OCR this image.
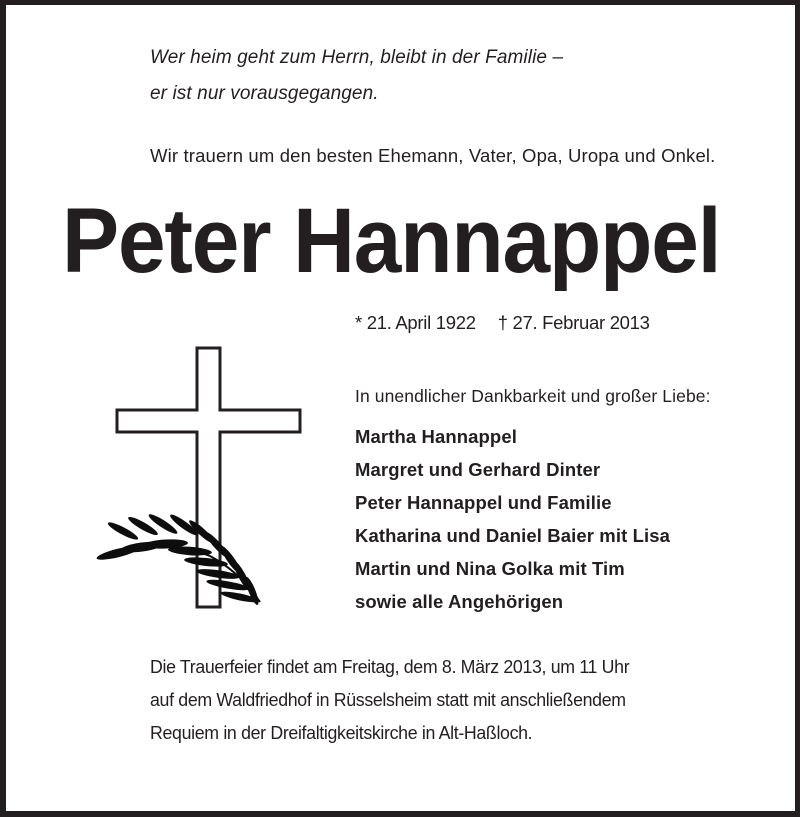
Wer heim geht zum Herrn, bleibt in der Familie –
er ist nur vorausgegangen.
Wir trauern um den besten Ehemann, Vater, Opa, Uropa und Onkel.
Peter Hannappel
* 21. April 1922 † 27. Februar 2013
In unendlicher Dankbarkeit und großer Liebe:
Martha Hannappel
Margret und Gerhard Dinter
Peter Hannappel und Familie
Katharina und Daniel Baier mit Lisa
Martin und Nina Golka mit Tim
sowie alle Angehörigen
Die Trauerfeier findet am Freitag, dem 8. März 2013, um 11 Uhr
auf dem Waldfriedhof in Rüsselsheim statt mit anschließendem
Requiem in der Dreifaltigkeitskirche in Alt-Haßloch.
